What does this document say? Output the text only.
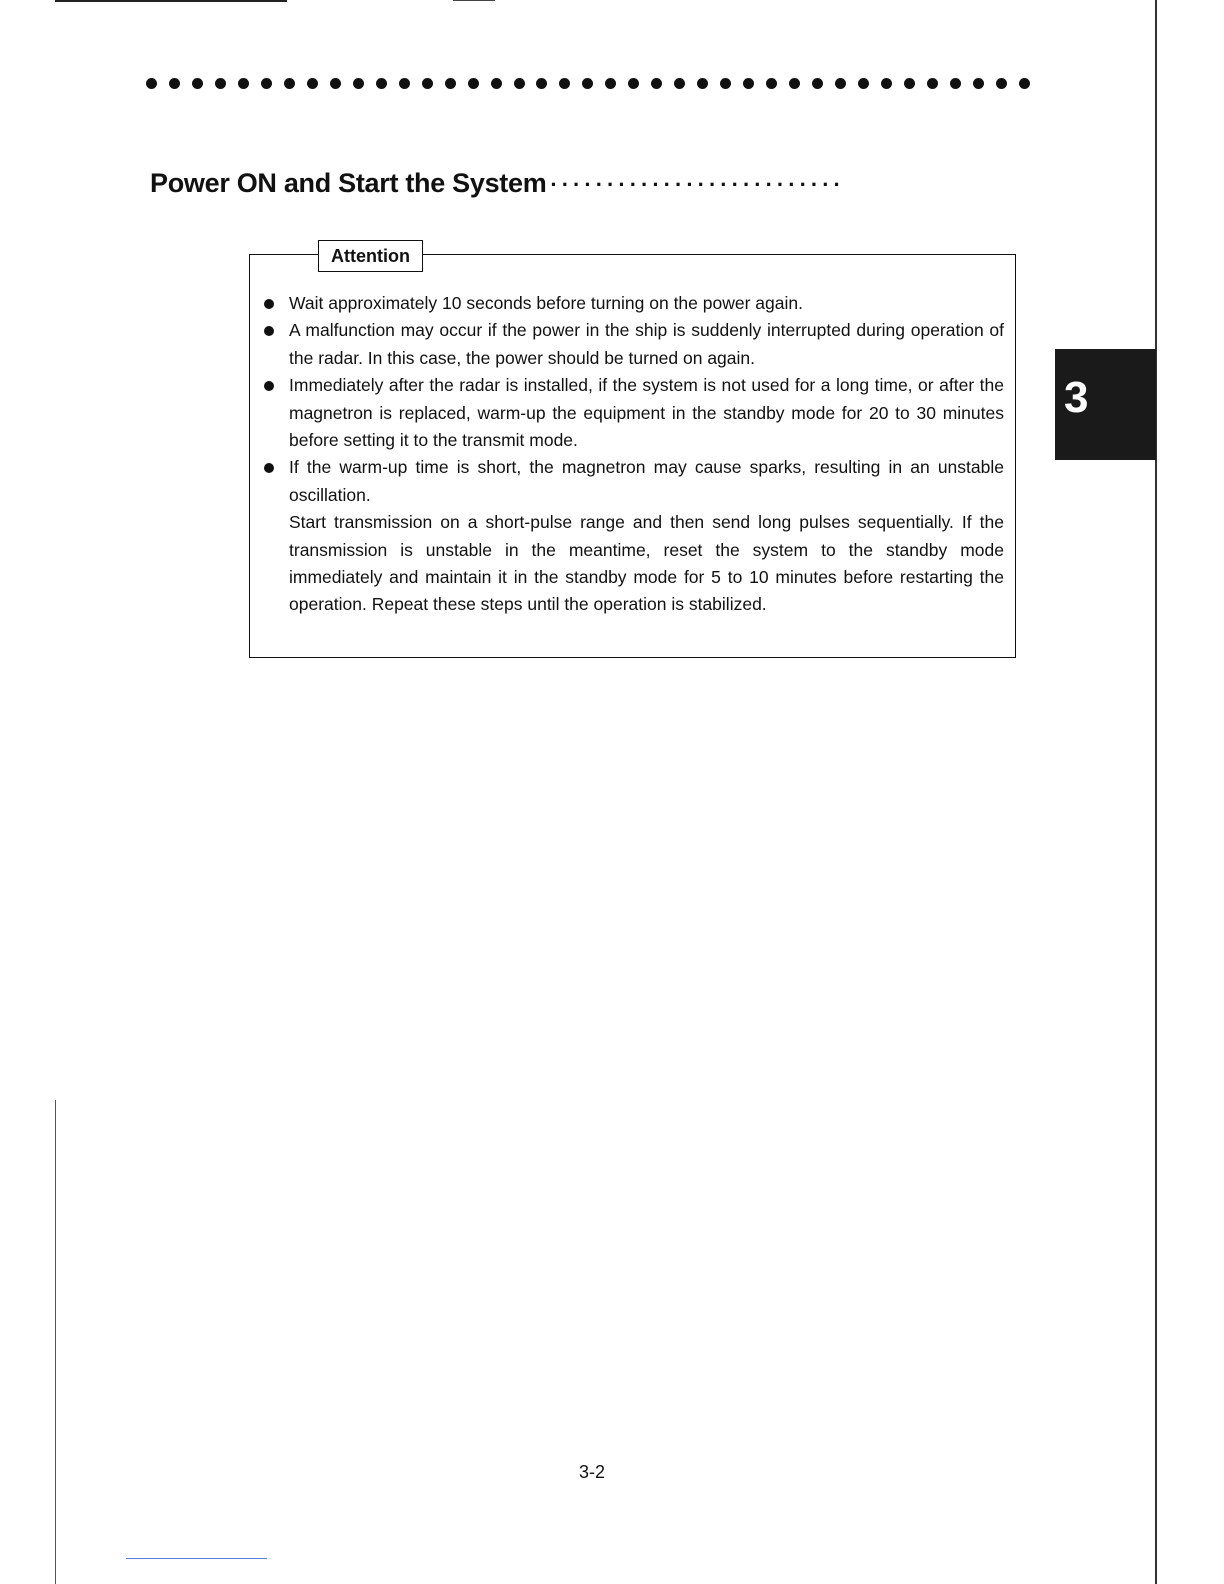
Power ON and Start the System ··························
Attention

Wait approximately 10 seconds before turning on the power again.

A malfunction may occur if the power in the ship is suddenly interrupted during operation of the radar. In this case, the power should be turned on again.

Immediately after the radar is installed, if the system is not used for a long time, or after the magnetron is replaced, warm-up the equipment in the standby mode for 20 to 30 minutes before setting it to the transmit mode.

If the warm-up time is short, the magnetron may cause sparks, resulting in an unstable oscillation.

Start transmission on a short-pulse range and then send long pulses sequentially. If the transmission is unstable in the meantime, reset the system to the standby mode immediately and maintain it in the standby mode for 5 to 10 minutes before restarting the operation. Repeat these steps until the operation is stabilized.

3
3-2
